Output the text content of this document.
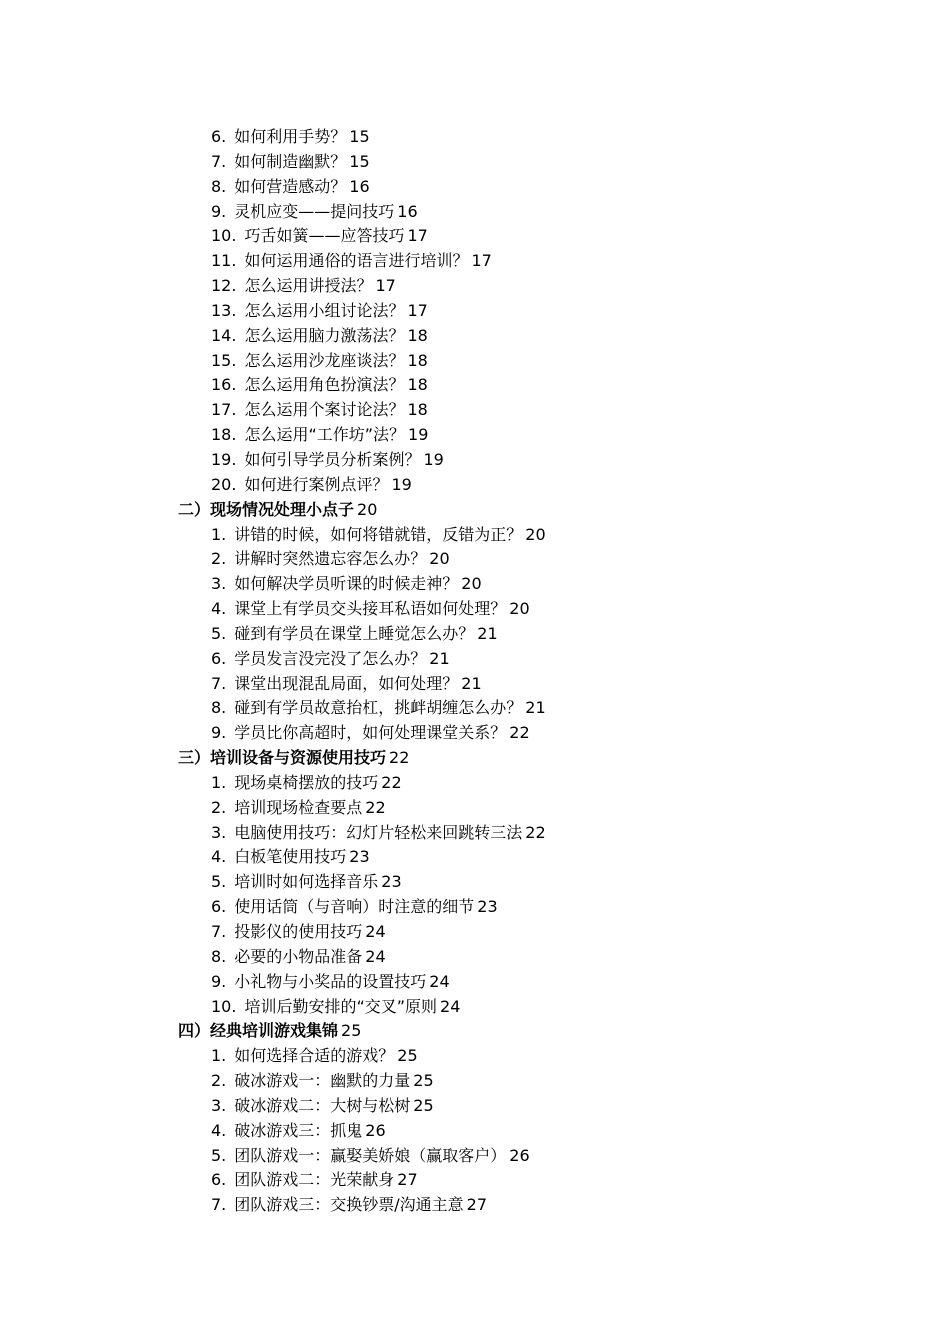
6. 如何利用手势？ 15
7. 如何制造幽默？ 15
8. 如何营造感动？ 16
9. 灵机应变——提问技巧 16
10. 巧舌如簧——应答技巧 17
11. 如何运用通俗的语言进行培训？ 17
12. 怎么运用讲授法？ 17
13. 怎么运用小组讨论法？ 17
14. 怎么运用脑力激荡法？ 18
15. 怎么运用沙龙座谈法？ 18
16. 怎么运用角色扮演法？ 18
17. 怎么运用个案讨论法？ 18
18. 怎么运用“工作坊”法？ 19
19. 如何引导学员分析案例？ 19
20. 如何进行案例点评？ 19
二）现场情况处理小点子 20
1. 讲错的时候，如何将错就错，反错为正？ 20
2. 讲解时突然遗忘容怎么办？ 20
3. 如何解决学员听课的时候走神？ 20
4. 课堂上有学员交头接耳私语如何处理？ 20
5. 碰到有学员在课堂上睡觉怎么办？ 21
6. 学员发言没完没了怎么办？ 21
7. 课堂出现混乱局面，如何处理？ 21
8. 碰到有学员故意抬杠，挑衅胡缠怎么办？ 21
9. 学员比你高超时，如何处理课堂关系？ 22
三）培训设备与资源使用技巧 22
1. 现场桌椅摆放的技巧 22
2. 培训现场检查要点 22
3. 电脑使用技巧：幻灯片轻松来回跳转三法 22
4. 白板笔使用技巧 23
5. 培训时如何选择音乐 23
6. 使用话筒（与音响）时注意的细节 23
7. 投影仪的使用技巧 24
8. 必要的小物品准备 24
9. 小礼物与小奖品的设置技巧 24
10. 培训后勤安排的“交叉”原则 24
四）经典培训游戏集锦 25
1. 如何选择合适的游戏？ 25
2. 破冰游戏一：幽默的力量 25
3. 破冰游戏二：大树与松树 25
4. 破冰游戏三：抓鬼 26
5. 团队游戏一：赢娶美娇娘（赢取客户） 26
6. 团队游戏二：光荣献身 27
7. 团队游戏三：交换钞票/沟通主意 27
